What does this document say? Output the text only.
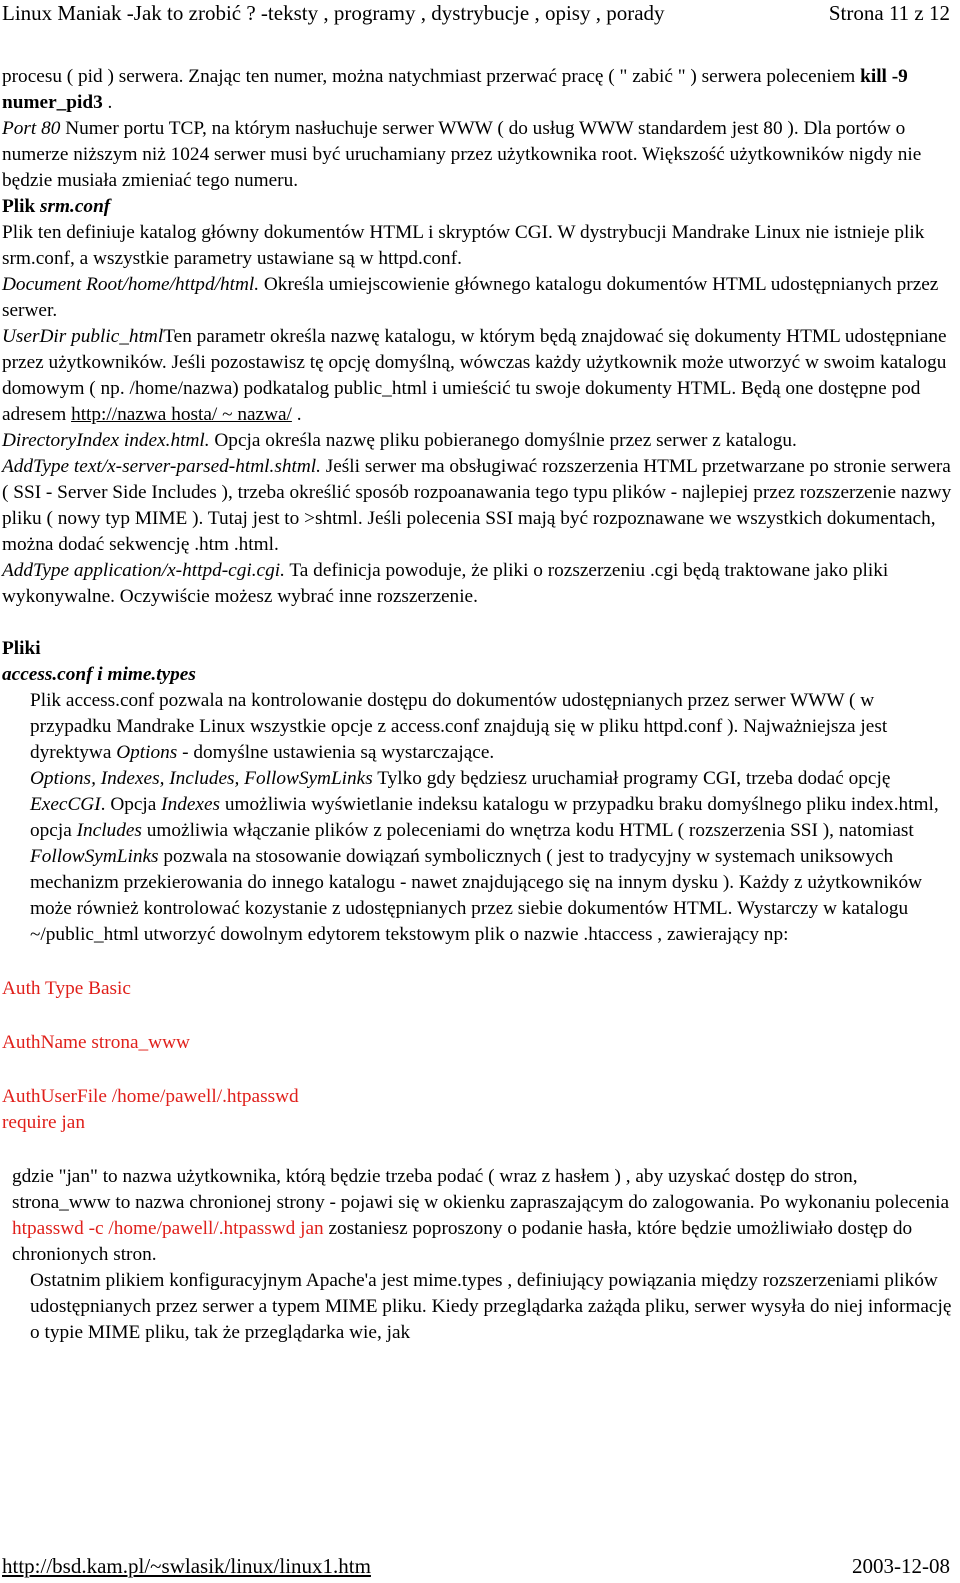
Linux Maniak -Jak to zrobić ? -teksty , programy , dystrybucje , opisy , porady	Strona 11 z 12

procesu ( pid ) serwera. Znając ten numer, można natychmiast przerwać pracę ( " zabić " ) serwera poleceniem kill -9 numer_pid3 .

Port 80 Numer portu TCP, na którym nasłuchuje serwer WWW ( do usług WWW standardem jest 80 ). Dla portów o numerze niższym niż 1024 serwer musi być uruchamiany przez użytkownika root. Większość użytkowników nigdy nie będzie musiała zmieniać tego numeru.

Plik srm.conf

Plik ten definiuje katalog główny dokumentów HTML i skryptów CGI. W dystrybucji Mandrake Linux nie istnieje plik srm.conf, a wszystkie parametry ustawiane są w httpd.conf.

Document Root/home/httpd/html. Określa umiejscowienie głównego katalogu dokumentów HTML udostępnianych przez serwer.

UserDir public_htmlTen parametr określa nazwę katalogu, w którym będą znajdować się dokumenty HTML udostępniane przez użytkowników. Jeśli pozostawisz tę opcję domyślną, wówczas każdy użytkownik może utworzyć w swoim katalogu domowym ( np. /home/nazwa) podkatalog public_html i umieścić tu swoje dokumenty HTML. Będą one dostępne pod adresem http://nazwa hosta/ ~ nazwa/ .

DirectoryIndex index.html. Opcja określa nazwę pliku pobieranego domyślnie przez serwer z katalogu.

AddType text/x-server-parsed-html.shtml. Jeśli serwer ma obsługiwać rozszerzenia HTML przetwarzane po stronie serwera ( SSI - Server Side Includes ), trzeba określić sposób rozpoanawania tego typu plików - najlepiej przez rozszerzenie nazwy pliku ( nowy typ MIME ). Tutaj jest to >shtml. Jeśli polecenia SSI mają być rozpoznawane we wszystkich dokumentach, można dodać sekwencję .htm .html.

AddType application/x-httpd-cgi.cgi. Ta definicja powoduje, że pliki o rozszerzeniu .cgi będą traktowane jako pliki wykonywalne. Oczywiście możesz wybrać inne rozszerzenie.

Pliki

access.conf i mime.types

Plik access.conf pozwala na kontrolowanie dostępu do dokumentów udostępnianych przez serwer WWW ( w przypadku Mandrake Linux wszystkie opcje z access.conf znajdują się w pliku httpd.conf ). Najważniejsza jest dyrektywa Options - domyślne ustawienia są wystarczające.

Options, Indexes, Includes, FollowSymLinks Tylko gdy będziesz uruchamiał programy CGI, trzeba dodać opcję ExecCGI. Opcja Indexes umożliwia wyświetlanie indeksu katalogu w przypadku braku domyślnego pliku index.html, opcja Includes umożliwia włączanie plików z poleceniami do wnętrza kodu HTML ( rozszerzenia SSI ), natomiast FollowSymLinks pozwala na stosowanie dowiązań symbolicznych ( jest to tradycyjny w systemach uniksowych mechanizm przekierowania do innego katalogu - nawet znajdującego się na innym dysku ). Każdy z użytkowników może również kontrolować kozystanie z udostępnianych przez siebie dokumentów HTML. Wystarczy w katalogu ~/public_html utworzyć dowolnym edytorem tekstowym plik o nazwie .htaccess , zawierający np:

Auth Type Basic

AuthName strona_www

AuthUserFile /home/pawell/.htpasswd

require jan

gdzie "jan" to nazwa użytkownika, którą będzie trzeba podać ( wraz z hasłem ) , aby uzyskać dostęp do stron, strona_www to nazwa chronionej strony - pojawi się w okienku zapraszającym do zalogowania. Po wykonaniu polecenia htpasswd -c /home/pawell/.htpasswd jan zostaniesz poproszony o podanie hasła, które będzie umożliwiało dostęp do chronionych stron.

Ostatnim plikiem konfiguracyjnym Apache'a jest mime.types , definiujący powiązania między rozszerzeniami plików udostępnianych przez serwer a typem MIME pliku. Kiedy przeglądarka zażąda pliku, serwer wysyła do niej informację o typie MIME pliku, tak że przeglądarka wie, jak

http://bsd.kam.pl/~swlasik/linux/linux1.htm	2003-12-08
